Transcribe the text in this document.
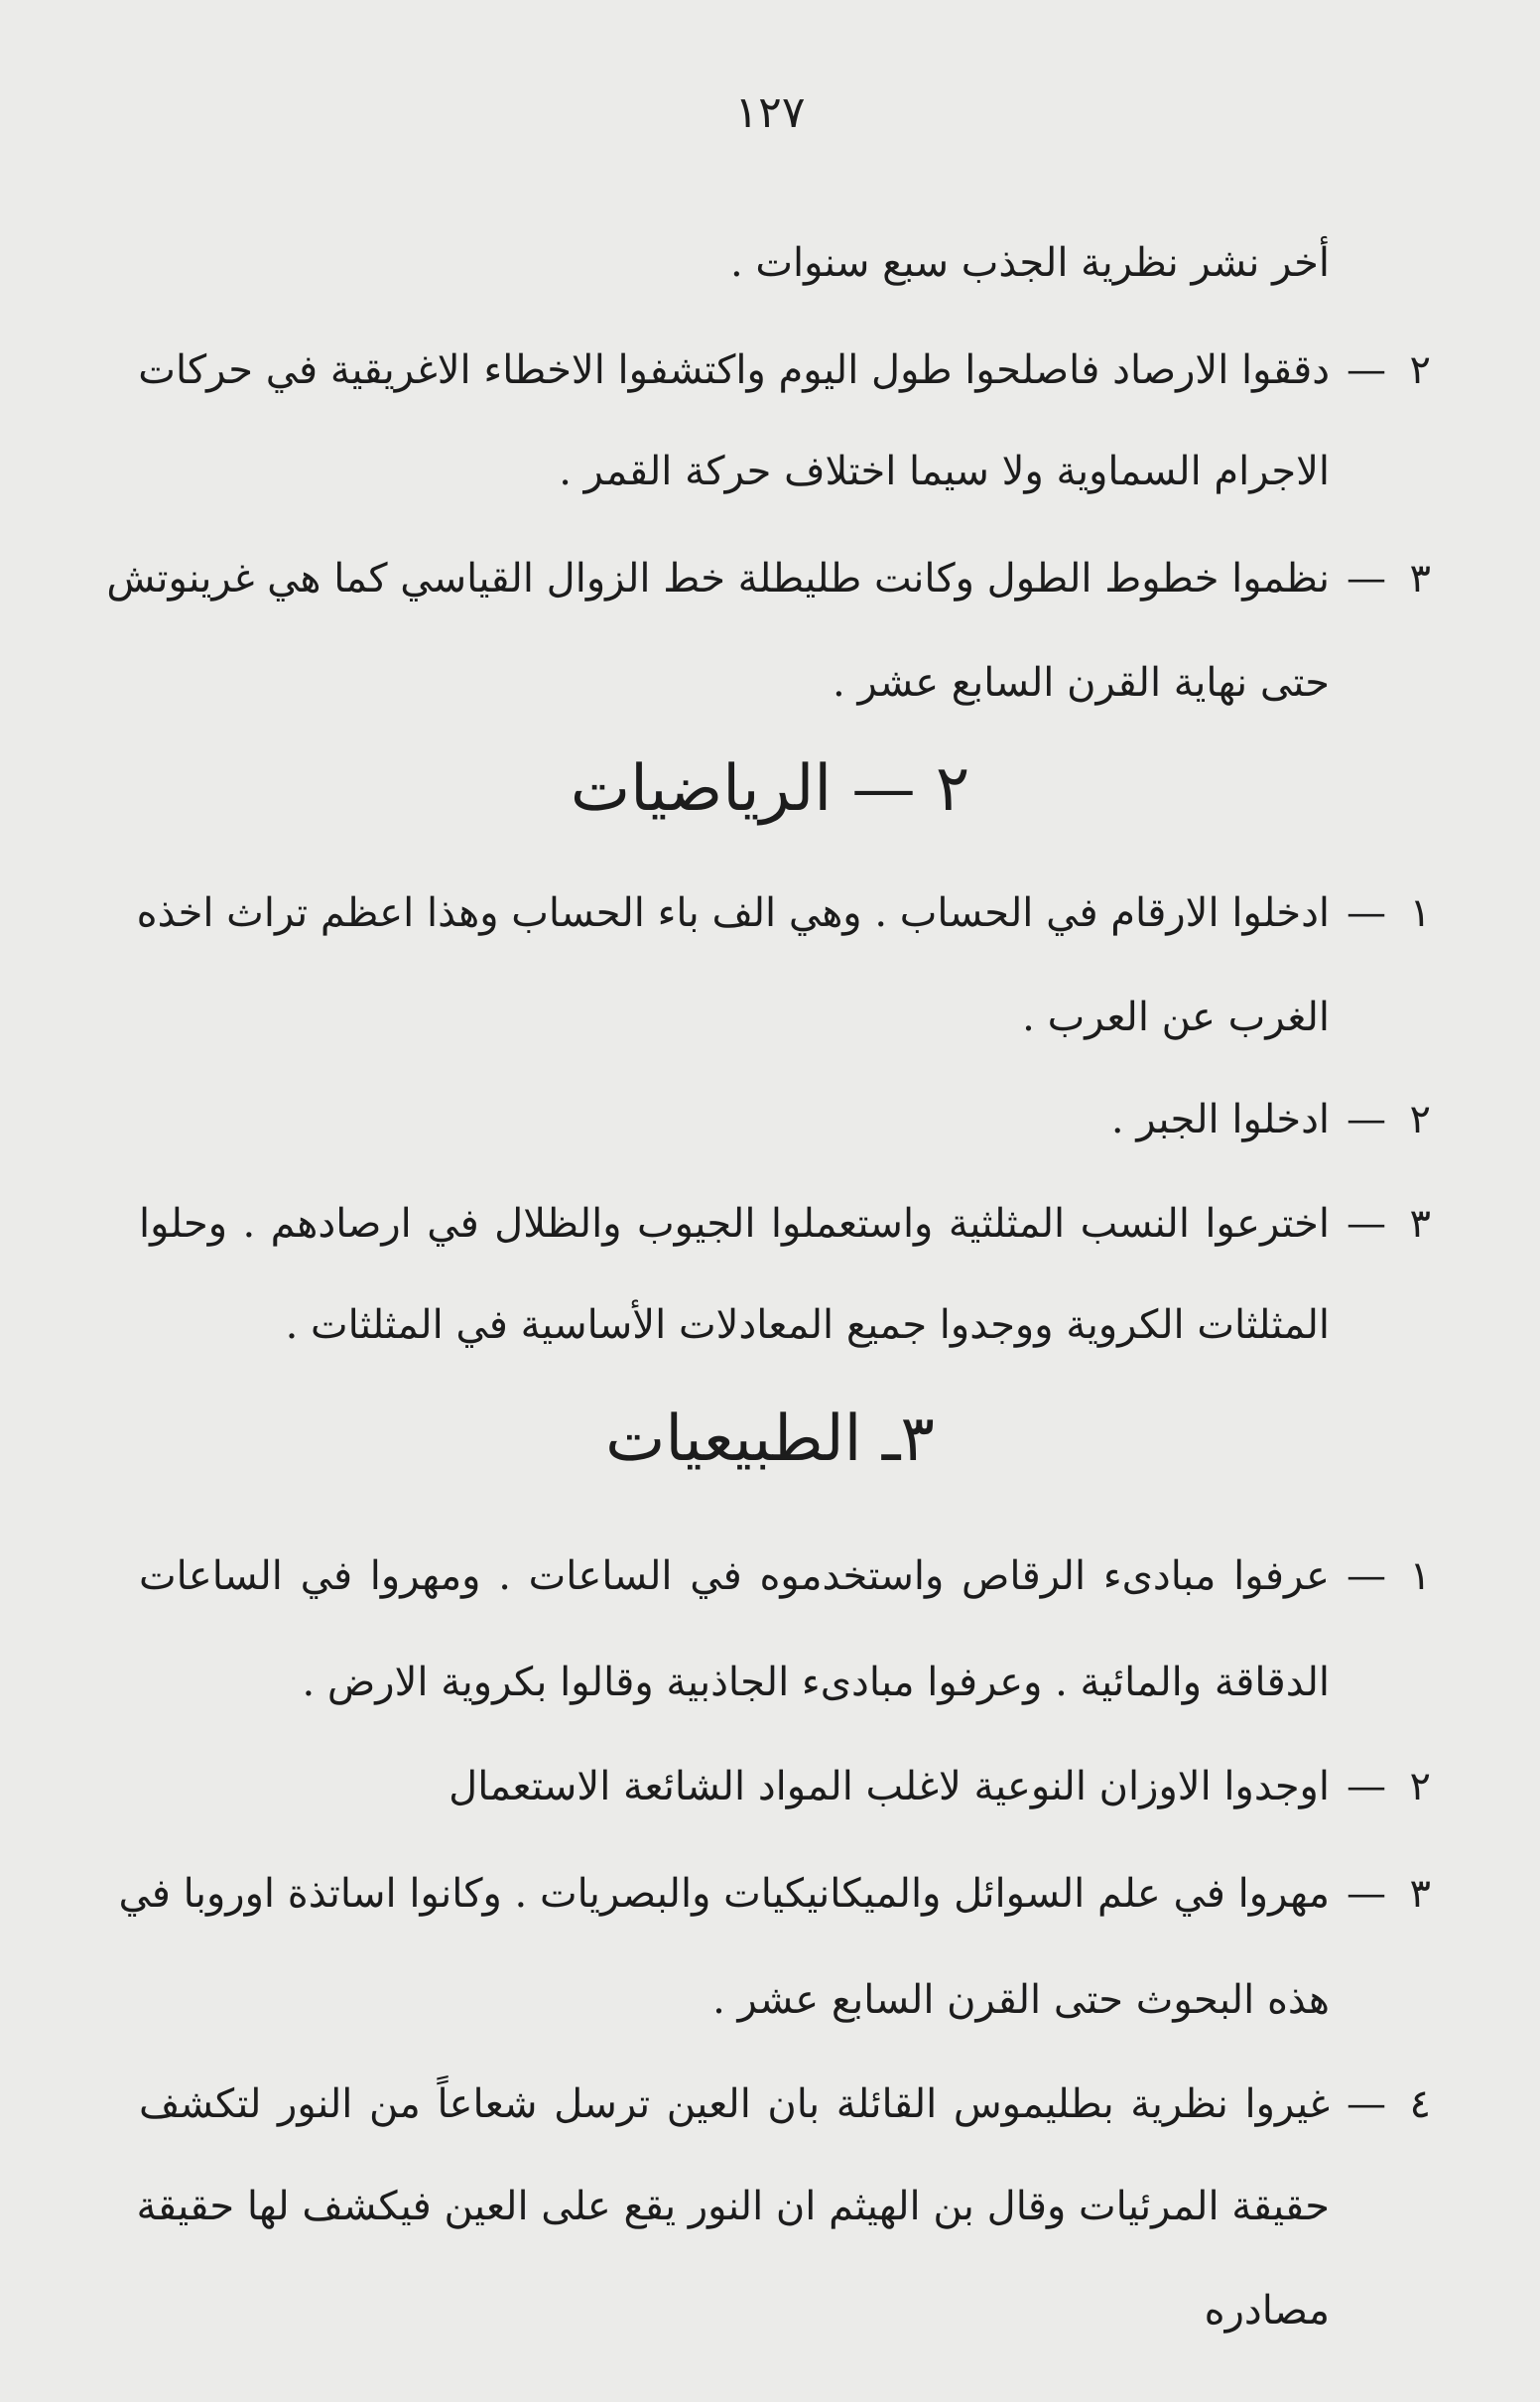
١٢٧
أخر نشر نظرية الجذب سبع سنوات .
٢
—
دققوا الارصاد فاصلحوا طول اليوم واكتشفوا الاخطاء الاغريقية في حركات
الاجرام السماوية ولا سيما اختلاف حركة القمر .
٣
—
نظموا خطوط الطول وكانت طليطلة خط الزوال القياسي كما هي غرينوتش
حتى نهاية القرن السابع عشر .
٢ — الرياضيات
١
—
ادخلوا الارقام في الحساب . وهي الف باء الحساب وهذا اعظم تراث اخذه
الغرب عن العرب .
٢
—
ادخلوا الجبر .
٣
—
اخترعوا النسب المثلثية واستعملوا الجيوب والظلال في ارصادهم . وحلوا
المثلثات الكروية ووجدوا جميع المعادلات الأساسية في المثلثات .
٣ـ الطبيعيات
١
—
عرفوا مبادىء الرقاص واستخدموه في الساعات . ومهروا في الساعات
الدقاقة والمائية . وعرفوا مبادىء الجاذبية وقالوا بكروية الارض .
٢
—
اوجدوا الاوزان النوعية لاغلب المواد الشائعة الاستعمال
٣
—
مهروا في علم السوائل والميكانيكيات والبصريات . وكانوا اساتذة اوروبا في
هذه البحوث حتى القرن السابع عشر .
٤
—
غيروا نظرية بطليموس القائلة بان العين ترسل شعاعاً من النور لتكشف
حقيقة المرئيات وقال بن الهيثم ان النور يقع على العين فيكشف لها حقيقة
مصادره
